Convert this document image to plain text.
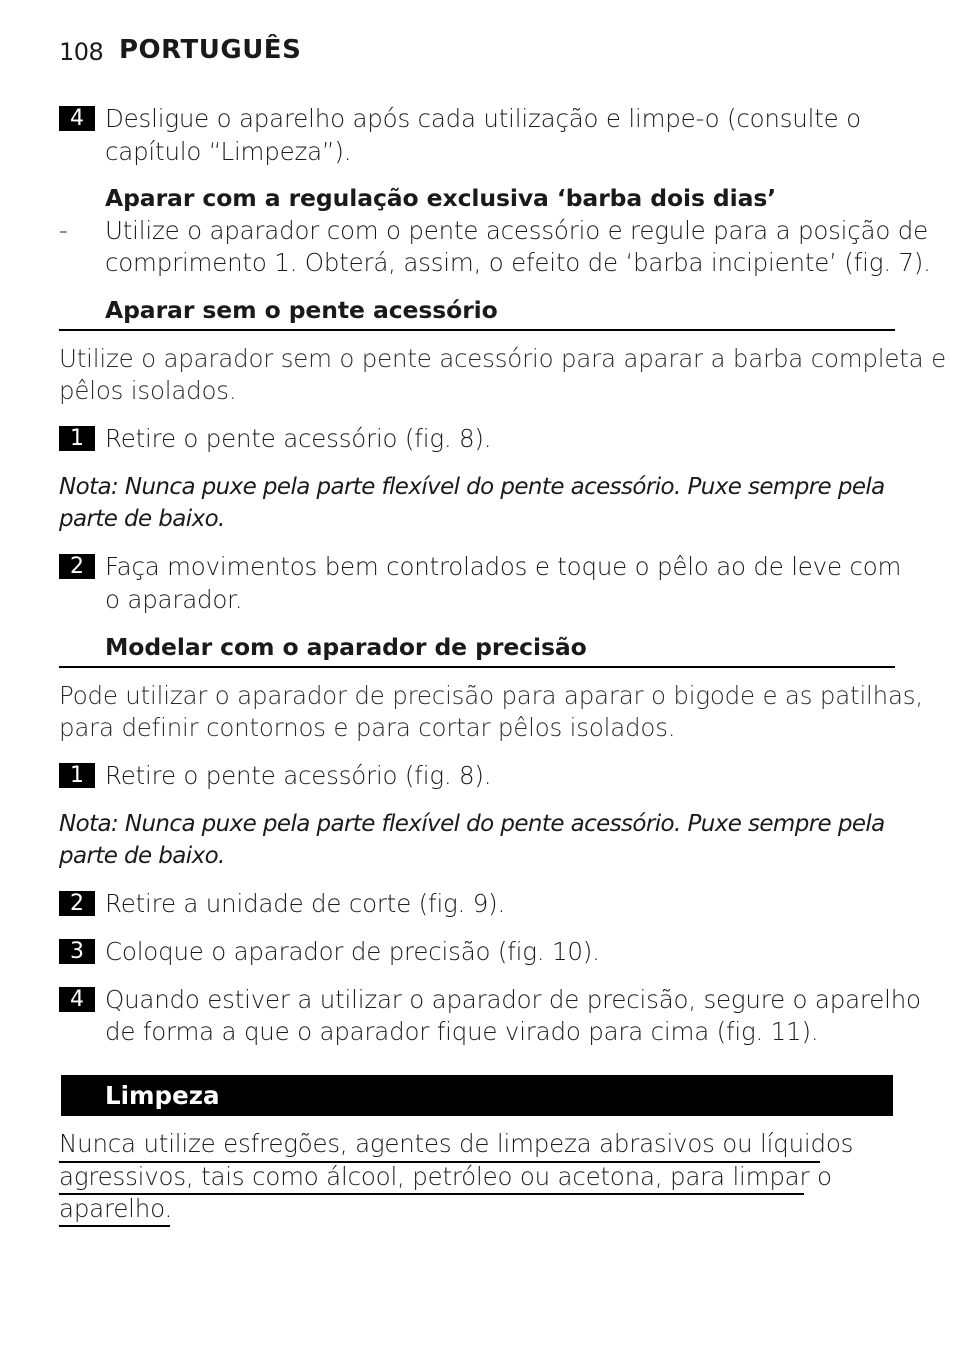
108 PORTUGUÊS
4 Desligue o aparelho após cada utilização e limpe-o (consulte o
capítulo “Limpeza”).
Aparar com a regulação exclusiva ‘barba dois dias’
- Utilize o aparador com o pente acessório e regule para a posição de
comprimento 1. Obterá, assim, o efeito de ‘barba incipiente’ (fig. 7).
Aparar sem o pente acessório
Utilize o aparador sem o pente acessório para aparar a barba completa e
pêlos isolados.
1 Retire o pente acessório (fig. 8).
Nota: Nunca puxe pela parte flexível do pente acessório. Puxe sempre pela
parte de baixo.
2 Faça movimentos bem controlados e toque o pêlo ao de leve com
o aparador.
Modelar com o aparador de precisão
Pode utilizar o aparador de precisão para aparar o bigode e as patilhas,
para definir contornos e para cortar pêlos isolados.
1 Retire o pente acessório (fig. 8).
Nota: Nunca puxe pela parte flexível do pente acessório. Puxe sempre pela
parte de baixo.
2 Retire a unidade de corte (fig. 9).
3 Coloque o aparador de precisão (fig. 10).
4 Quando estiver a utilizar o aparador de precisão, segure o aparelho
de forma a que o aparador fique virado para cima (fig. 11).
Limpeza
Nunca utilize esfregões, agentes de limpeza abrasivos ou líquidos
agressivos, tais como álcool, petróleo ou acetona, para limpar o
aparelho.
